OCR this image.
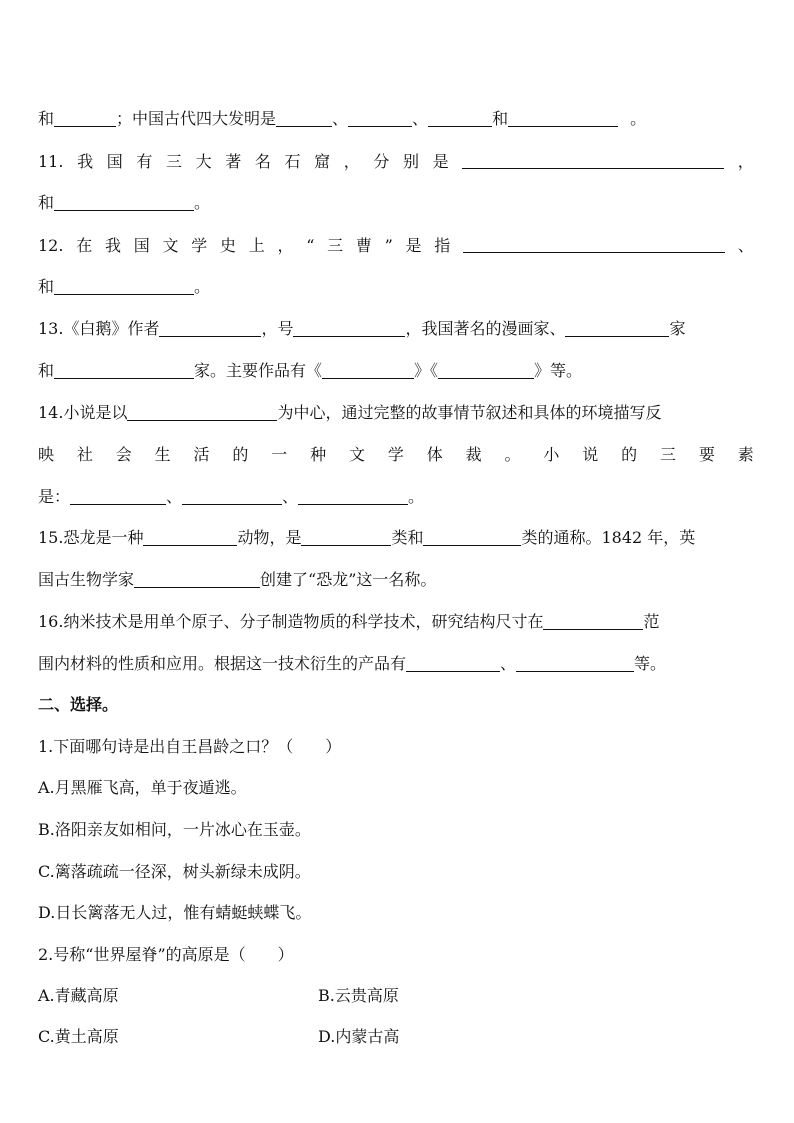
和	；中国古代四大发明是	、	、	和	。
11. 我 国 有 三 大 著 名 石 窟 ， 分 别 是	，
和	。
12. 在 我 国 文 学 史 上 ， “ 三 曹 ” 是 指	、
和	。
13.《白鹅》作者	，号	，我国著名的漫画家、	家
和	家。主要作品有《	》《	》等。
14.小说是以	为中心，通过完整的故事情节叙述和具体的环境描写反
映 社 会 生 活 的 一 种 文 学 体 裁 。 小 说 的 三 要 素
是：	、	、	。
15.恐龙是一种	动物，是	类和	类的通称。1842 年，英
国古生物学家	创建了“恐龙”这一名称。
16.纳米技术是用单个原子、分子制造物质的科学技术，研究结构尺寸在	范
围内材料的性质和应用。根据这一技术衍生的产品有	、	等。
二、选择。
1.下面哪句诗是出自王昌龄之口？（　　）
A.月黑雁飞高，单于夜遁逃。
B.洛阳亲友如相问，一片冰心在玉壶。
C.篱落疏疏一径深，树头新绿未成阴。
D.日长篱落无人过，惟有蜻蜓蛱蝶飞。
2.号称“世界屋脊”的高原是（　　）
A.青藏高原	B.云贵高原
C.黄土高原	D.内蒙古高
